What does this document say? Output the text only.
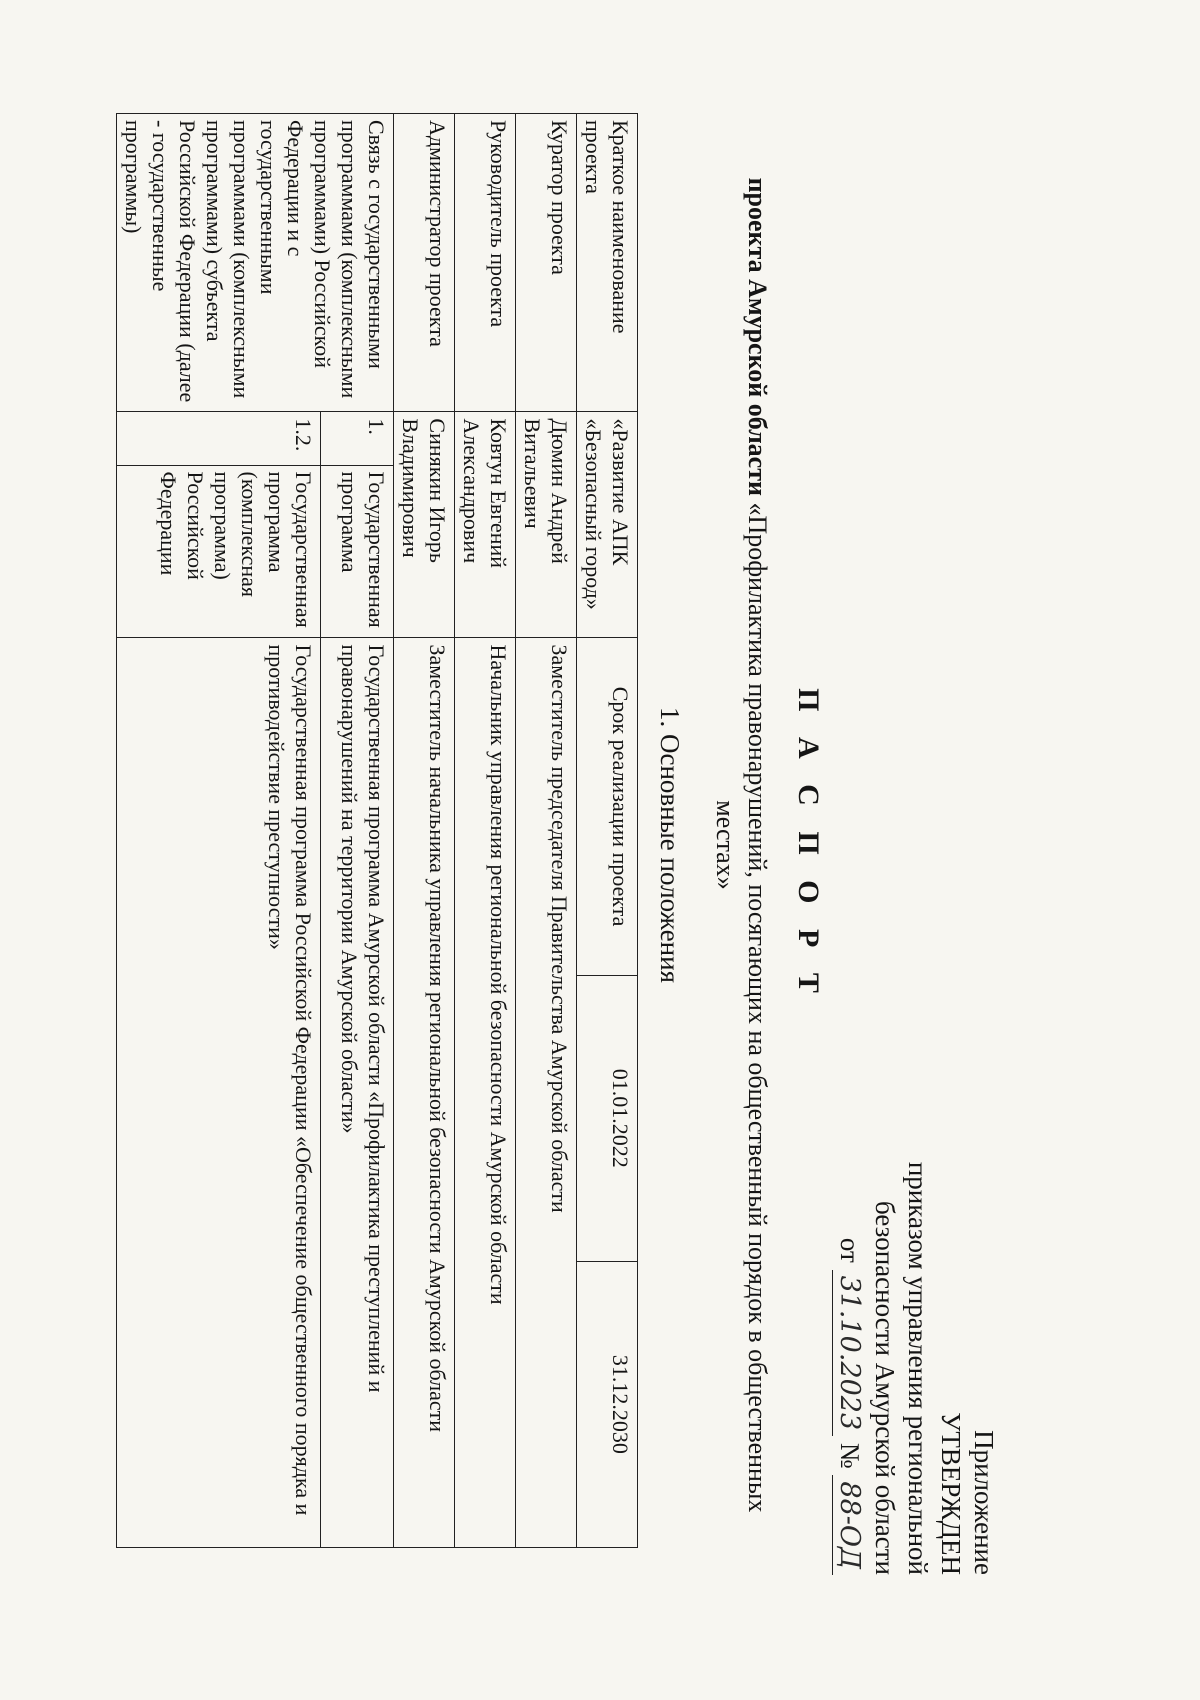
Приложение
УТВЕРЖДЕН
приказом управления региональной
безопасности Амурской области
от 31.10.2023 № 88-ОД
П А С П О Р Т
проекта Амурской области «Профилактика правонарушений, посягающих на общественный порядок в общественных местах»
1. Основные положения
Краткое наименование проекта	«Развитие АПК «Безопасный город»		Срок реализации проекта	01.01.2022	31.12.2030
Куратор проекта	Дюмин Андрей Витальевич		Заместитель председателя Правительства Амурской области		
Руководитель проекта	Ковтун Евгений Александрович		Начальник управления региональной безопасности Амурской области		
Администратор проекта	Синякин Игорь Владимирович		Заместитель начальника управления региональной безопасности Амурской области		
Связь с государственными программами (комплексными программами) Российской Федерации и с государственными программами (комплексными программами) субъекта Российской Федерации (далее - государственные программы)	1.	Государственная программа	Государственная программа Амурской области «Профилактика преступлений и правонарушений на территории Амурской области»		
	1.2.	Государственная программа (комплексная программа) Российской Федерации	Государственная программа Российской Федерации «Обеспечение общественного порядка и противодействие преступности»		
